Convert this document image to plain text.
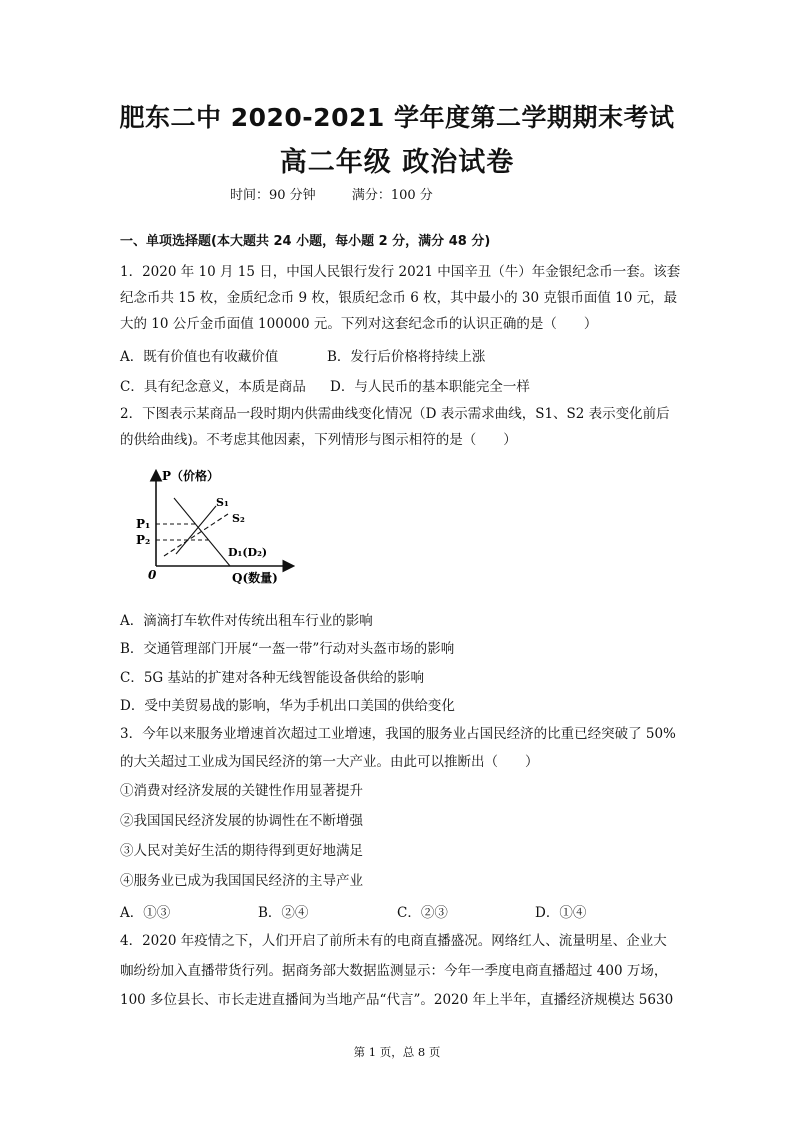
肥东二中 2020-2021 学年度第二学期期末考试
高二年级 政治试卷
时间：90 分钟	满分：100 分
一、单项选择题(本大题共 24 小题，每小题 2 分，满分 48 分)
1．2020 年 10 月 15 日，中国人民银行发行 2021 中国辛丑（牛）年金银纪念币一套。该套
纪念币共 15 枚，金质纪念币 9 枚，银质纪念币 6 枚，其中最小的 30 克银币面值 10 元，最
大的 10 公斤金币面值 100000 元。下列对这套纪念币的认识正确的是（　　）
A．既有价值也有收藏价值	B．发行后价格将持续上涨
C．具有纪念意义，本质是商品 D．与人民币的基本职能完全一样
2．下图表示某商品一段时期内供需曲线变化情况（D 表示需求曲线，S1、S2 表示变化前后
的供给曲线)。不考虑其他因素，下列情形与图示相符的是（　　）
P（价格）
Q(数量)
0
P₁
P₂
S₁
S₂
D₁(D₂)
A．滴滴打车软件对传统出租车行业的影响
B．交通管理部门开展“一盔一带”行动对头盔市场的影响
C．5G 基站的扩建对各种无线智能设备供给的影响
D．受中美贸易战的影响，华为手机出口美国的供给变化
3．今年以来服务业增速首次超过工业增速，我国的服务业占国民经济的比重已经突破了 50%
的大关超过工业成为国民经济的第一大产业。由此可以推断出（　　）
①消费对经济发展的关键性作用显著提升
②我国国民经济发展的协调性在不断增强
③人民对美好生活的期待得到更好地满足
④服务业已成为我国国民经济的主导产业
A．①③	B．②④	C．②③	D．①④
4．2020 年疫情之下，人们开启了前所未有的电商直播盛况。网络红人、流量明星、企业大
咖纷纷加入直播带货行列。据商务部大数据监测显示：今年一季度电商直播超过 400 万场，
100 多位县长、市长走进直播间为当地产品“代言”。2020 年上半年，直播经济规模达 5630
第 1 页，总 8 页
